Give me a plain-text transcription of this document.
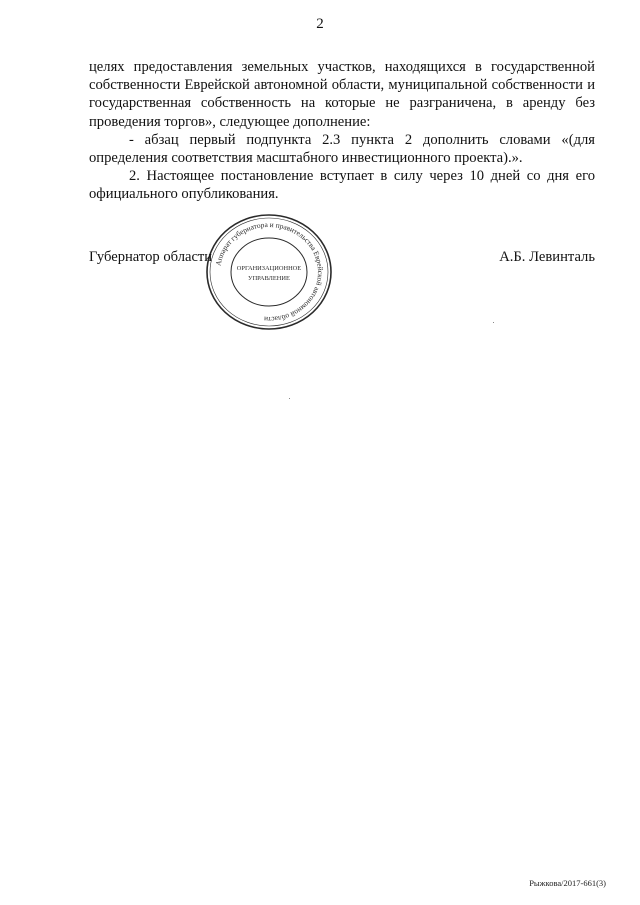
2

целях предоставления земельных участков, находящихся в государственной собственности Еврейской автономной области, муниципальной собственности и государственная собственность на которые не разграничена, в аренду без проведения торгов», следующее дополнение:

- абзац первый подпункта 2.3 пункта 2 дополнить словами «(для определения соответствия масштабного инвестиционного проекта).».

2. Настоящее постановление вступает в силу через 10 дней со дня его официального опубликования.

Губернатор области	А.Б. Левинталь
Аппарат губернатора и правительства Еврейской автономной области
ОРГАНИЗАЦИОННОЕ
УПРАВЛЕНИЕ
Рыжкова/2017-661(3)
